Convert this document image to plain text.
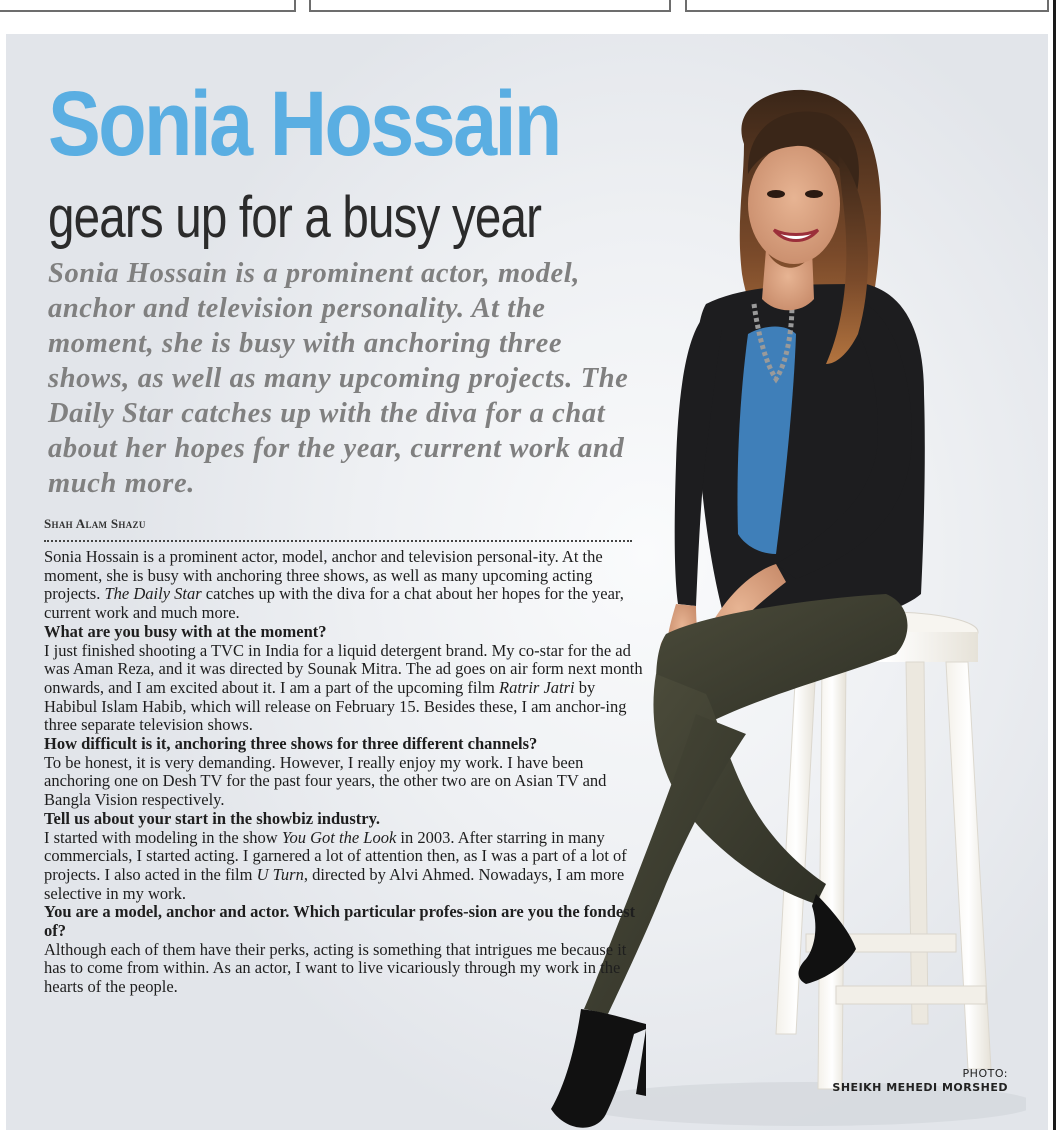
Sonia Hossain
gears up for a busy year

Sonia Hossain is a prominent actor, model, anchor and television personality. At the moment, she is busy with anchoring three shows, as well as many upcoming projects. The Daily Star catches up with the diva for a chat about her hopes for the year, current work and much more.

Shah Alam Shazu

Sonia Hossain is a prominent actor, model, anchor and television personal-ity. At the moment, she is busy with anchoring three shows, as well as many upcoming acting projects. The Daily Star catches up with the diva for a chat about her hopes for the year, current work and much more.

What are you busy with at the moment?

I just finished shooting a TVC in India for a liquid detergent brand. My co-star for the ad was Aman Reza, and it was directed by Sounak Mitra. The ad goes on air form next month onwards, and I am excited about it. I am a part of the upcoming film Ratrir Jatri by Habibul Islam Habib, which will release on February 15. Besides these, I am anchor-ing three separate television shows.

How difficult is it, anchoring three shows for three different channels?

To be honest, it is very demanding. However, I really enjoy my work. I have been anchoring one on Desh TV for the past four years, the other two are on Asian TV and Bangla Vision respectively.

Tell us about your start in the showbiz industry.

I started with modeling in the show You Got the Look in 2003. After starring in many commercials, I started acting. I garnered a lot of attention then, as I was a part of a lot of projects. I also acted in the film U Turn, directed by Alvi Ahmed. Nowadays, I am more selective in my work.

You are a model, anchor and actor. Which particular profes-sion are you the fondest of?

Although each of them have their perks, acting is something that intrigues me because it has to come from within. As an actor, I want to live vicariously through my work in the hearts of the people.

PHOTO:
SHEIKH MEHEDI MORSHED
